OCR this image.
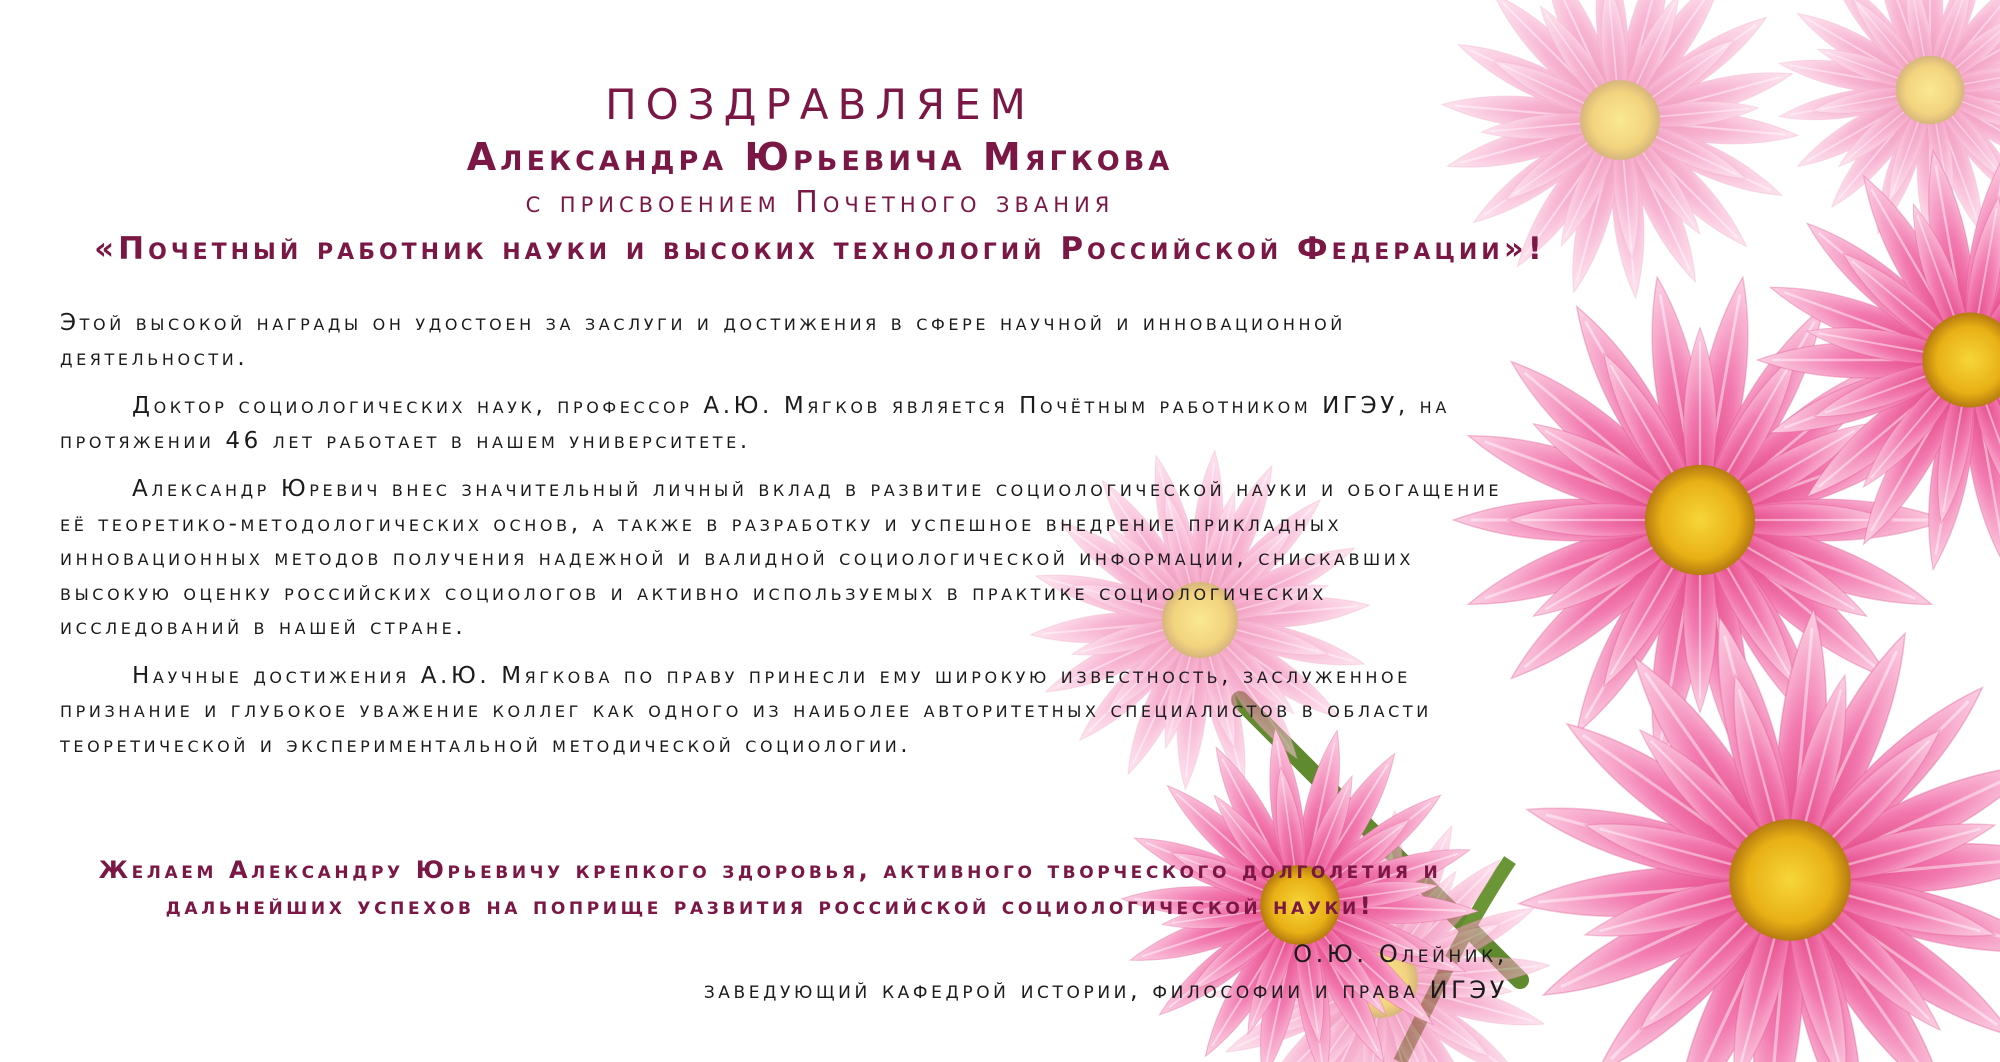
ПОЗДРАВЛЯЕМ
Александра Юрьевича Мягкова
с присвоением Почетного звания
«Почетный работник науки и высоких технологий Российской Федерации»!

Этой высокой награды он удостоен за заслуги и достижения в сфере научной и инновационной деятельности.

Доктор социологических наук, профессор А.Ю. Мягков является Почётным работником ИГЭУ, на протяжении 46 лет работает в нашем университете.

Александр Юревич внес значительный личный вклад в развитие социологической науки и обогащение её теоретико-методологических основ, а также в разработку и успешное внедрение прикладных инновационных методов получения надежной и валидной социологической информации, снискавших высокую оценку российских социологов и активно используемых в практике социологических исследований в нашей стране.

Научные достижения А.Ю. Мягкова по праву принесли ему широкую известность, заслуженное признание и глубокое уважение коллег как одного из наиболее авторитетных специалистов в области теоретической и экспериментальной методической социологии.

Желаем Александру Юрьевичу крепкого здоровья, активного творческого долголетия и дальнейших успехов на поприще развития российской социологической науки!
О.Ю. Олейник,
заведующий кафедрой истории, философии и права ИГЭУ
